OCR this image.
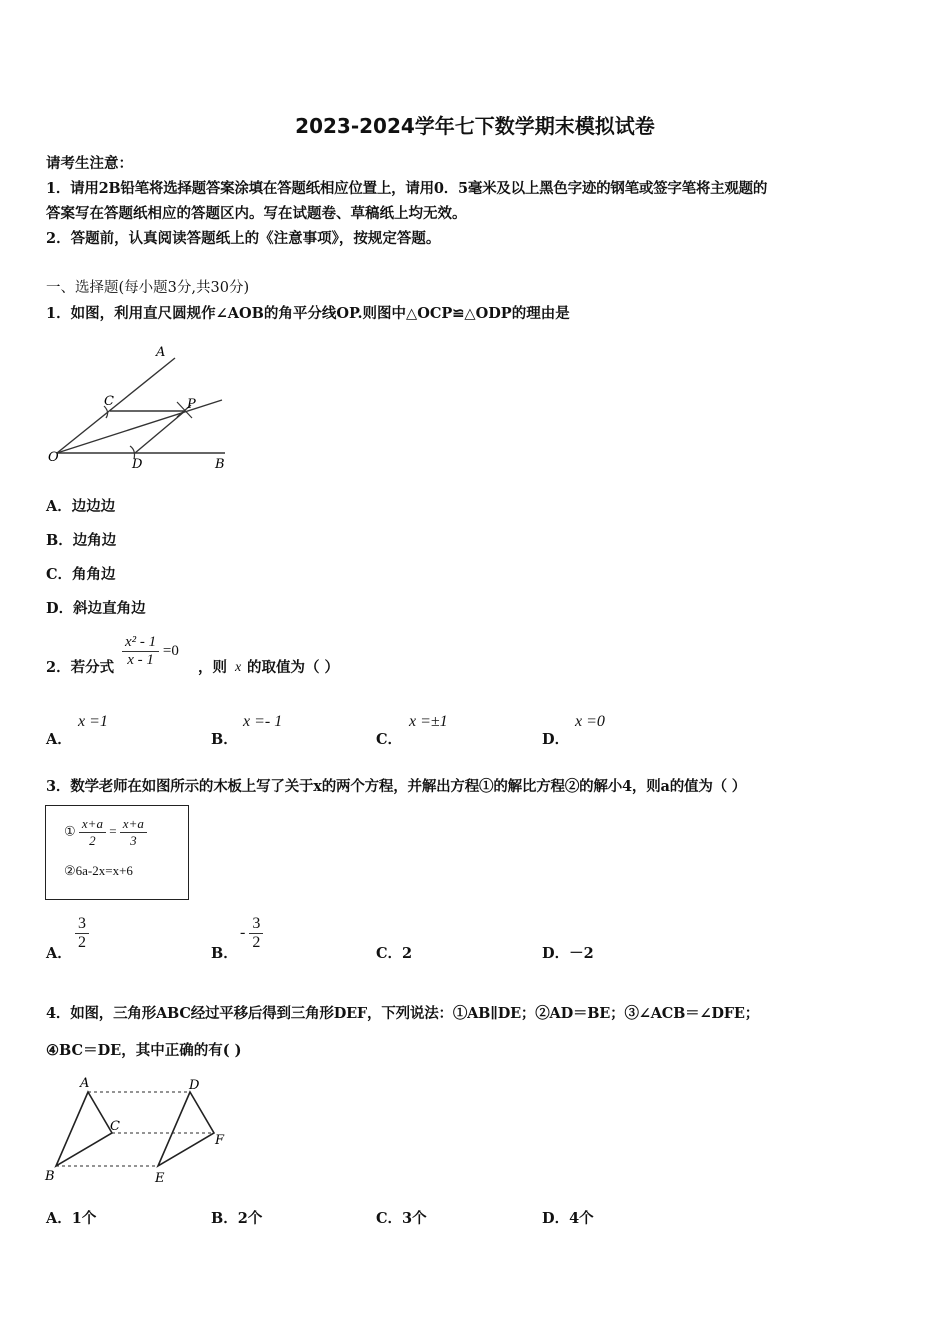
2023-2024学年七下数学期末模拟试卷
请考生注意：
1．请用2B铅笔将选择题答案涂填在答题纸相应位置上，请用0．5毫米及以上黑色字迹的钢笔或签字笔将主观题的
答案写在答题纸相应的答题区内。写在试题卷、草稿纸上均无效。
2．答题前，认真阅读答题纸上的《注意事项》，按规定答题。
一、选择题(每小题3分,共30分)
1．如图，利用直尺圆规作∠AOB的角平分线OP.则图中△OCP≌△ODP的理由是
A
C	P
O	D	B
A．边边边
B．边角边
C．角角边
D．斜边直角边
2．若分式 $\frac{\text{x² - 1}}{x - 1} =0$
，则 x 的取值为（ ）
A．
x =1
B．
x =- 1
C．
x =±1
D．
x =0
3．数学老师在如图所示的木板上写了关于x的两个方程，并解出方程①的解比方程②的解小4，则a的值为（ ）
① $\frac{x+a}{2} = \frac{x+a}{3}$
②6a-2x=x+6
A．
$\frac{3}{2}$
B．
- $\frac{3}{2}$
C．2	D．－2
4．如图，三角形ABC经过平移后得到三角形DEF，下列说法：①AB∥DE；②AD＝BE；③∠ACB＝∠DFE；
④BC＝DE，其中正确的有( )
A	D
C
F
B	E
A．1个	B．2个	C．3个	D．4个
